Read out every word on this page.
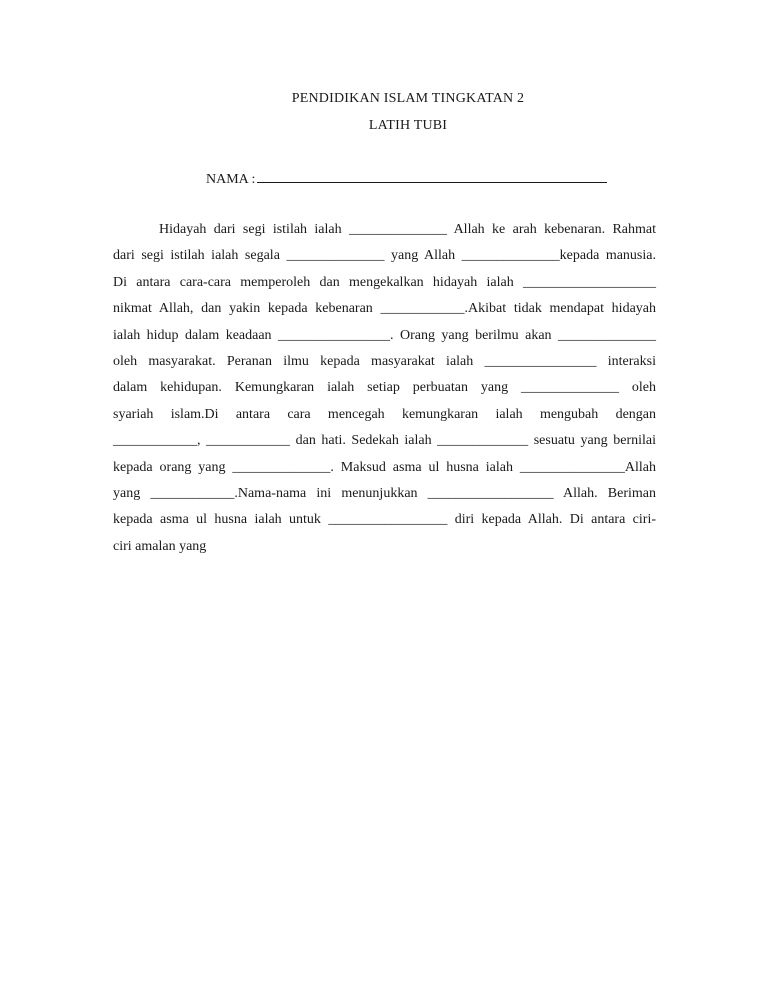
PENDIDIKAN ISLAM TINGKATAN 2
LATIH TUBI
NAMA :
Hidayah dari segi istilah ialah ______________ Allah ke arah kebenaran. Rahmat
dari segi istilah ialah segala ______________ yang Allah ______________kepada manusia.
Di antara cara-cara memperoleh dan mengekalkan hidayah ialah ___________________
nikmat Allah, dan yakin kepada kebenaran ____________.Akibat tidak mendapat hidayah
ialah hidup dalam keadaan ________________. Orang yang berilmu akan ______________
oleh masyarakat. Peranan ilmu kepada masyarakat ialah ________________ interaksi
dalam kehidupan. Kemungkaran ialah setiap perbuatan yang ______________ oleh
syariah islam.Di antara cara mencegah kemungkaran ialah mengubah dengan
____________, ____________ dan hati. Sedekah ialah _____________ sesuatu yang bernilai
kepada orang yang ______________. Maksud asma ul husna ialah _______________Allah
yang ____________.Nama-nama ini menunjukkan __________________ Allah. Beriman
kepada asma ul husna ialah untuk _________________ diri kepada Allah. Di antara ciri-
ciri amalan yang
